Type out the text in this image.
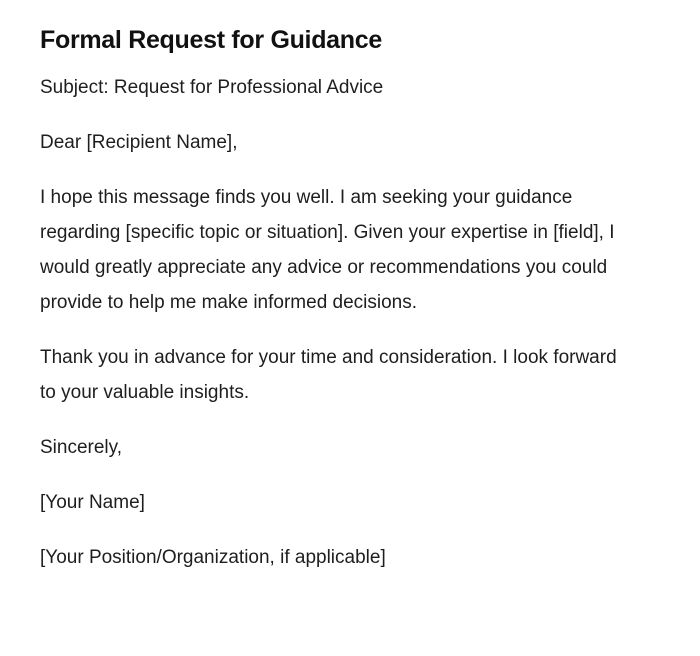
Formal Request for Guidance

Subject: Request for Professional Advice

Dear [Recipient Name],

I hope this message finds you well. I am seeking your guidance regarding [specific topic or situation]. Given your expertise in [field], I would greatly appreciate any advice or recommendations you could provide to help me make informed decisions.

Thank you in advance for your time and consideration. I look forward to your valuable insights.

Sincerely,

[Your Name]

[Your Position/Organization, if applicable]
